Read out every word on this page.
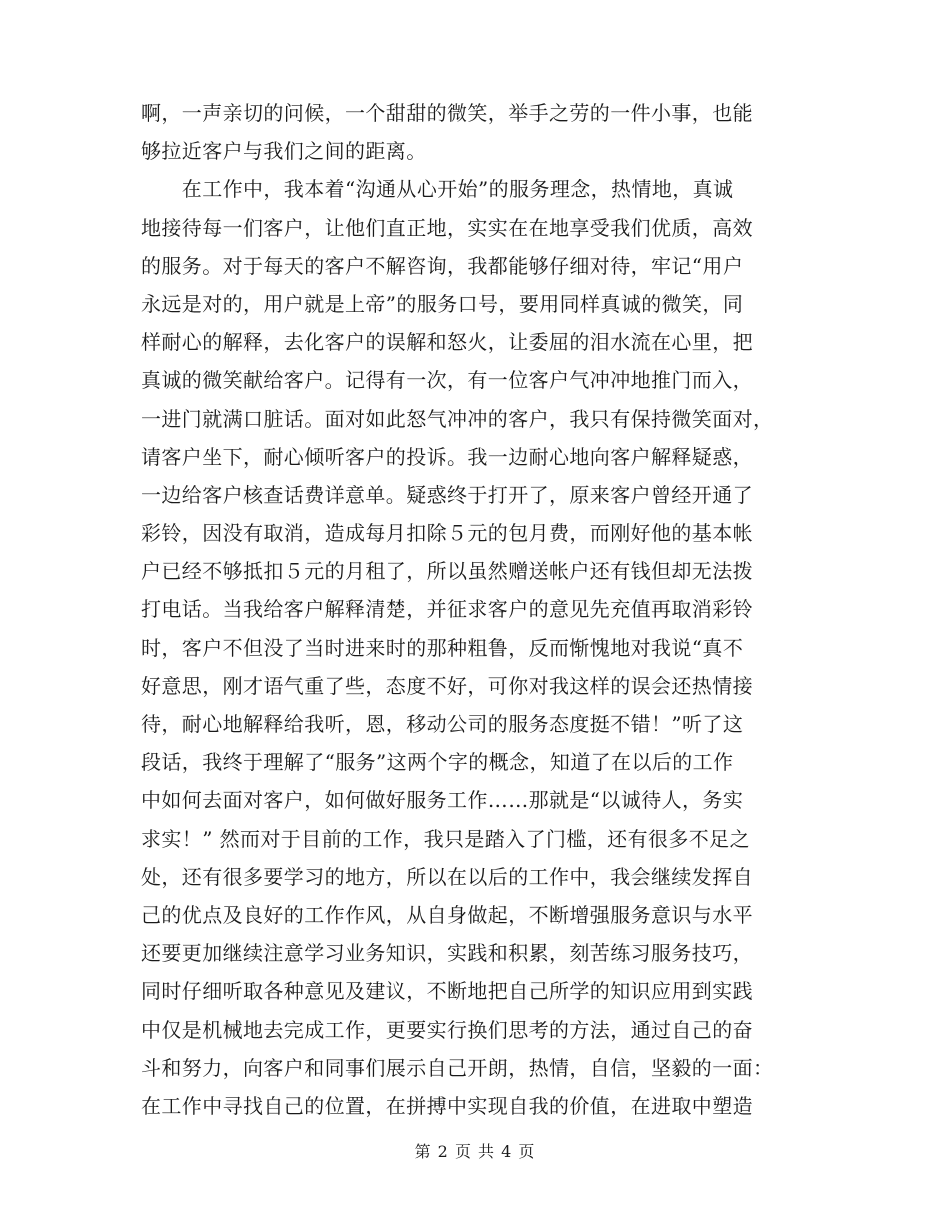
啊，一声亲切的问候，一个甜甜的微笑，举手之劳的一件小事，也能
够拉近客户与我们之间的距离。
　　在工作中，我本着“沟通从心开始”的服务理念，热情地，真诚
地接待每一们客户，让他们直正地，实实在在地享受我们优质，高效
的服务。对于每天的客户不解咨询，我都能够仔细对待，牢记“用户
永远是对的，用户就是上帝”的服务口号，要用同样真诚的微笑，同
样耐心的解释，去化客户的误解和怒火，让委屈的泪水流在心里，把
真诚的微笑献给客户。记得有一次，有一位客户气冲冲地推门而入，
一进门就满口脏话。面对如此怒气冲冲的客户，我只有保持微笑面对，
请客户坐下，耐心倾听客户的投诉。我一边耐心地向客户解释疑惑，
一边给客户核查话费详意单。疑惑终于打开了，原来客户曾经开通了
彩铃，因没有取消，造成每月扣除５元的包月费，而刚好他的基本帐
户已经不够抵扣５元的月租了，所以虽然赠送帐户还有钱但却无法拨
打电话。当我给客户解释清楚，并征求客户的意见先充值再取消彩铃
时，客户不但没了当时进来时的那种粗鲁，反而惭愧地对我说“真不
好意思，刚才语气重了些，态度不好，可你对我这样的误会还热情接
待，耐心地解释给我听，恩，移动公司的服务态度挺不错！”听了这
段话，我终于理解了“服务”这两个字的概念，知道了在以后的工作
中如何去面对客户，如何做好服务工作……那就是“以诚待人，务实
求实！” 然而对于目前的工作，我只是踏入了门槛，还有很多不足之
处，还有很多要学习的地方，所以在以后的工作中，我会继续发挥自
己的优点及良好的工作作风，从自身做起，不断增强服务意识与水平
还要更加继续注意学习业务知识，实践和积累，刻苦练习服务技巧，
同时仔细听取各种意见及建议，不断地把自己所学的知识应用到实践
中仅是机械地去完成工作，更要实行换们思考的方法，通过自己的奋
斗和努力，向客户和同事们展示自己开朗，热情，自信，坚毅的一面：
在工作中寻找自己的位置，在拼搏中实现自我的价值，在进取中塑造
第 2 页 共 4 页
